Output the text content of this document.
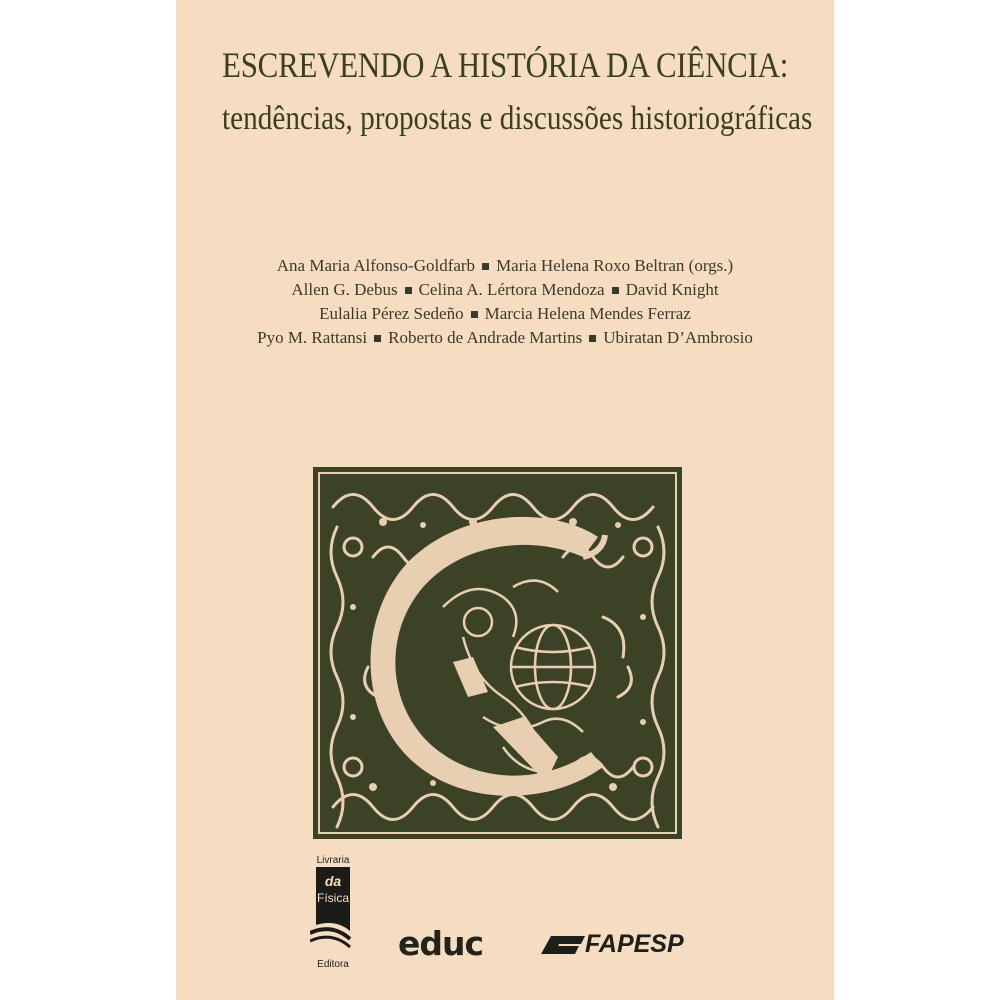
ESCREVENDO A HISTÓRIA DA CIÊNCIA:
tendências, propostas e discussões historiográficas
Ana Maria Alfonso-Goldfarb Maria Helena Roxo Beltran (orgs.)
Allen G. Debus Celina A. Lértora Mendoza David Knight
Eulalia Pérez Sedeño Marcia Helena Mendes Ferraz
Pyo M. Rattansi Roberto de Andrade Martins Ubiratan D’Ambrosio
Livraria
da
Física
Editora
educ	FAPESP
